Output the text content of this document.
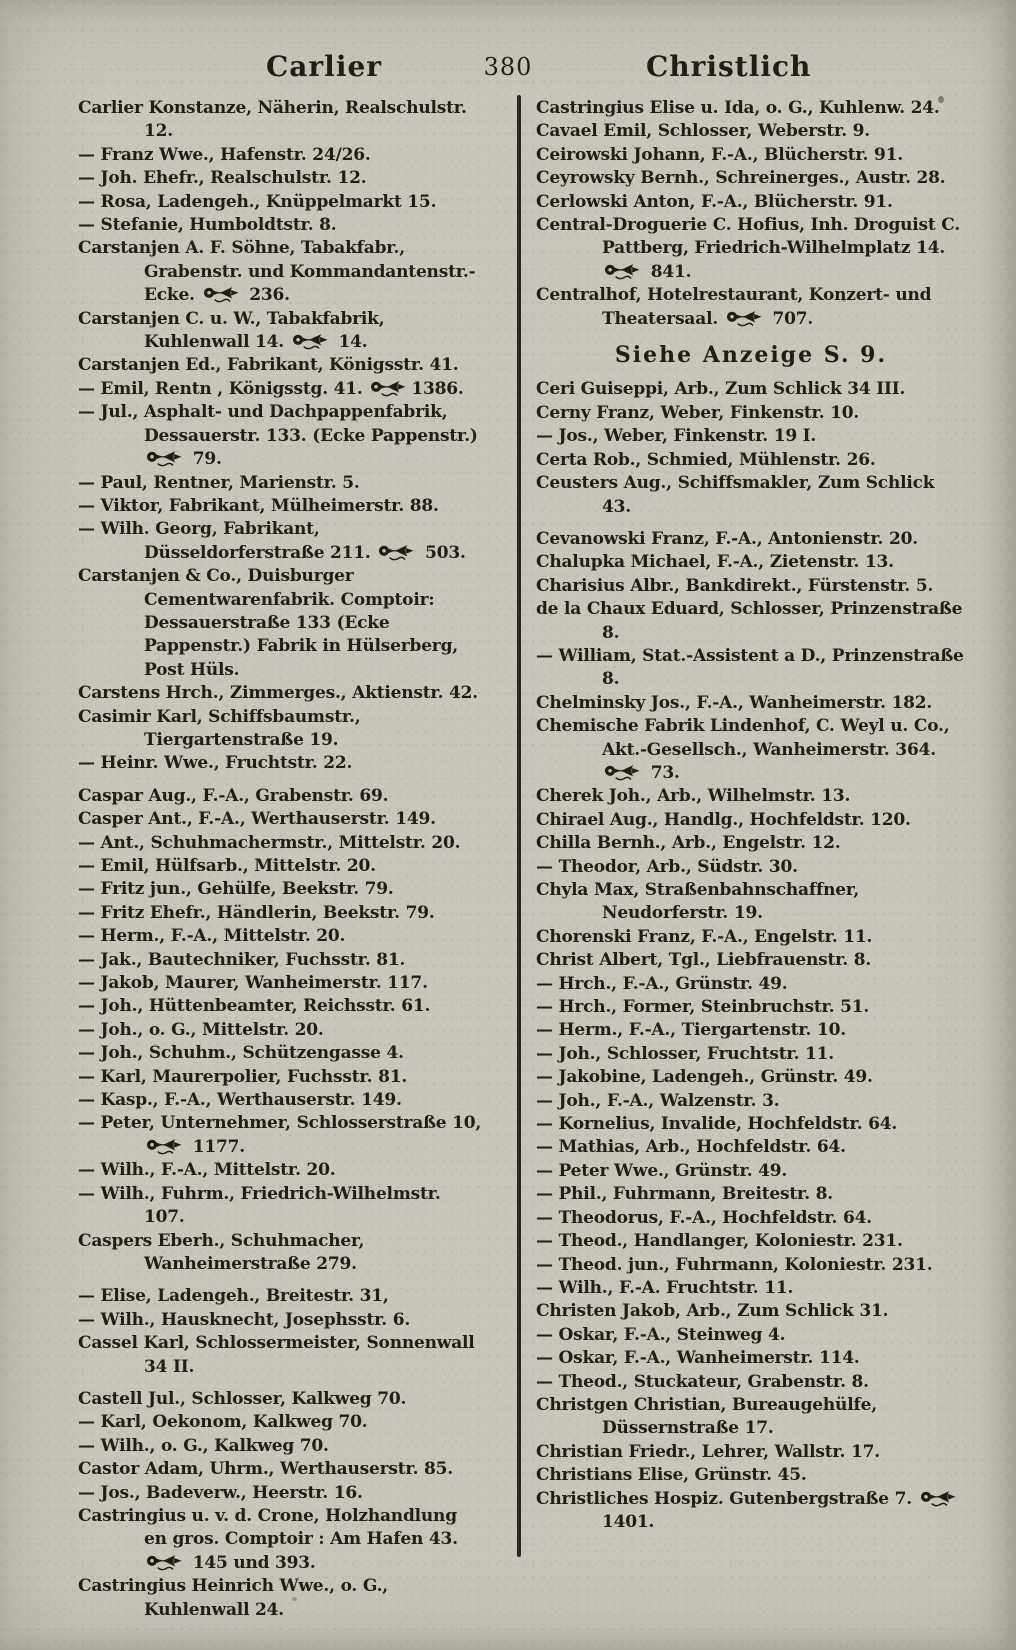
Carlier	380	Christlich
Carlier Konstanze, Näherin, Realschulstr. 12.
— Franz Wwe., Hafenstr. 24/26.
— Joh. Ehefr., Realschulstr. 12.
— Rosa, Ladengeh., Knüppelmarkt 15.
— Stefanie, Humboldtstr. 8.
Carstanjen A. F. Söhne, Tabakfabr., Grabenstr. und Kommandantenstr.-Ecke.	236.
Carstanjen C. u. W., Tabakfabrik, Kuhlenwall 14.	14.
Carstanjen Ed., Fabrikant, Königsstr. 41.
— Emil, Rentn , Königsstg. 41.	1386.
— Jul., Asphalt- und Dachpappenfabrik, Dessauerstr. 133. (Ecke Pappenstr.)  79.
— Paul, Rentner, Marienstr. 5.
— Viktor, Fabrikant, Mülheimerstr. 88.
— Wilh. Georg, Fabrikant, Düsseldorferstraße 211.	503.
Carstanjen & Co., Duisburger Cementwarenfabrik. Comptoir: Dessauerstraße 133 (Ecke Pappenstr.) Fabrik in Hülserberg, Post Hüls.
Carstens Hrch., Zimmerges., Aktienstr. 42.
Casimir Karl, Schiffsbaumstr., Tiergartenstraße 19.
— Heinr. Wwe., Fruchtstr. 22.
Caspar Aug., F.-A., Grabenstr. 69.
Casper Ant., F.-A., Werthauserstr. 149.
— Ant., Schuhmachermstr., Mittelstr. 20.
— Emil, Hülfsarb., Mittelstr. 20.
— Fritz jun., Gehülfe, Beekstr. 79.
— Fritz Ehefr., Händlerin, Beekstr. 79.
— Herm., F.-A., Mittelstr. 20.
— Jak., Bautechniker, Fuchsstr. 81.
— Jakob, Maurer, Wanheimerstr. 117.
— Joh., Hüttenbeamter, Reichsstr. 61.
— Joh., o. G., Mittelstr. 20.
— Joh., Schuhm., Schützengasse 4.
— Karl, Maurerpolier, Fuchsstr. 81.
— Kasp., F.-A., Werthauserstr. 149.
— Peter, Unternehmer, Schlosserstraße 10,  1177.
— Wilh., F.-A., Mittelstr. 20.
— Wilh., Fuhrm., Friedrich-Wilhelmstr. 107.
Caspers Eberh., Schuhmacher, Wanheimerstraße 279.
— Elise, Ladengeh., Breitestr. 31,
— Wilh., Hausknecht, Josephsstr. 6.
Cassel Karl, Schlossermeister, Sonnenwall 34 II.
Castell Jul., Schlosser, Kalkweg 70.
— Karl, Oekonom, Kalkweg 70.
— Wilh., o. G., Kalkweg 70.
Castor Adam, Uhrm., Werthauserstr. 85.
— Jos., Badeverw., Heerstr. 16.
Castringius u. v. d. Crone, Holzhandlung en gros. Comptoir : Am Hafen 43.  145 und 393.
Castringius Heinrich Wwe., o. G., Kuhlenwall 24.
Castringius Elise u. Ida, o. G., Kuhlenw. 24.
Cavael Emil, Schlosser, Weberstr. 9.
Ceirowski Johann, F.-A., Blücherstr. 91.
Ceyrowsky Bernh., Schreinerges., Austr. 28.
Cerlowski Anton, F.-A., Blücherstr. 91.
Central-Droguerie C. Hofius, Inh. Droguist C. Pattberg, Friedrich-Wilhelmplatz 14.  841.
Centralhof, Hotelrestaurant, Konzert- und Theatersaal.	707.
Siehe Anzeige S. 9.
Ceri Guiseppi, Arb., Zum Schlick 34 III.
Cerny Franz, Weber, Finkenstr. 10.
— Jos., Weber, Finkenstr. 19 I.
Certa Rob., Schmied, Mühlenstr. 26.
Ceusters Aug., Schiffsmakler, Zum Schlick 43.
Cevanowski Franz, F.-A., Antonienstr. 20.
Chalupka Michael, F.-A., Zietenstr. 13.
Charisius Albr., Bankdirekt., Fürstenstr. 5.
de la Chaux Eduard, Schlosser, Prinzenstraße 8.
— William, Stat.-Assistent a D., Prinzenstraße 8.
Chelminsky Jos., F.-A., Wanheimerstr. 182.
Chemische Fabrik Lindenhof, C. Weyl u. Co., Akt.-Gesellsch., Wanheimerstr. 364.  73.
Cherek Joh., Arb., Wilhelmstr. 13.
Chirael Aug., Handlg., Hochfeldstr. 120.
Chilla Bernh., Arb., Engelstr. 12.
— Theodor, Arb., Südstr. 30.
Chyla Max, Straßenbahnschaffner, Neudorferstr. 19.
Chorenski Franz, F.-A., Engelstr. 11.
Christ Albert, Tgl., Liebfrauenstr. 8.
— Hrch., F.-A., Grünstr. 49.
— Hrch., Former, Steinbruchstr. 51.
— Herm., F.-A., Tiergartenstr. 10.
— Joh., Schlosser, Fruchtstr. 11.
— Jakobine, Ladengeh., Grünstr. 49.
— Joh., F.-A., Walzenstr. 3.
— Kornelius, Invalide, Hochfeldstr. 64.
— Mathias, Arb., Hochfeldstr. 64.
— Peter Wwe., Grünstr. 49.
— Phil., Fuhrmann, Breitestr. 8.
— Theodorus, F.-A., Hochfeldstr. 64.
— Theod., Handlanger, Koloniestr. 231.
— Theod. jun., Fuhrmann, Koloniestr. 231.
— Wilh., F.-A. Fruchtstr. 11.
Christen Jakob, Arb., Zum Schlick 31.
— Oskar, F.-A., Steinweg 4.
— Oskar, F.-A., Wanheimerstr. 114.
— Theod., Stuckateur, Grabenstr. 8.
Christgen Christian, Bureaugehülfe, Düssernstraße 17.
Christian Friedr., Lehrer, Wallstr. 17.
Christians Elise, Grünstr. 45.
Christliches Hospiz. Gutenbergstraße 7.  1401.
